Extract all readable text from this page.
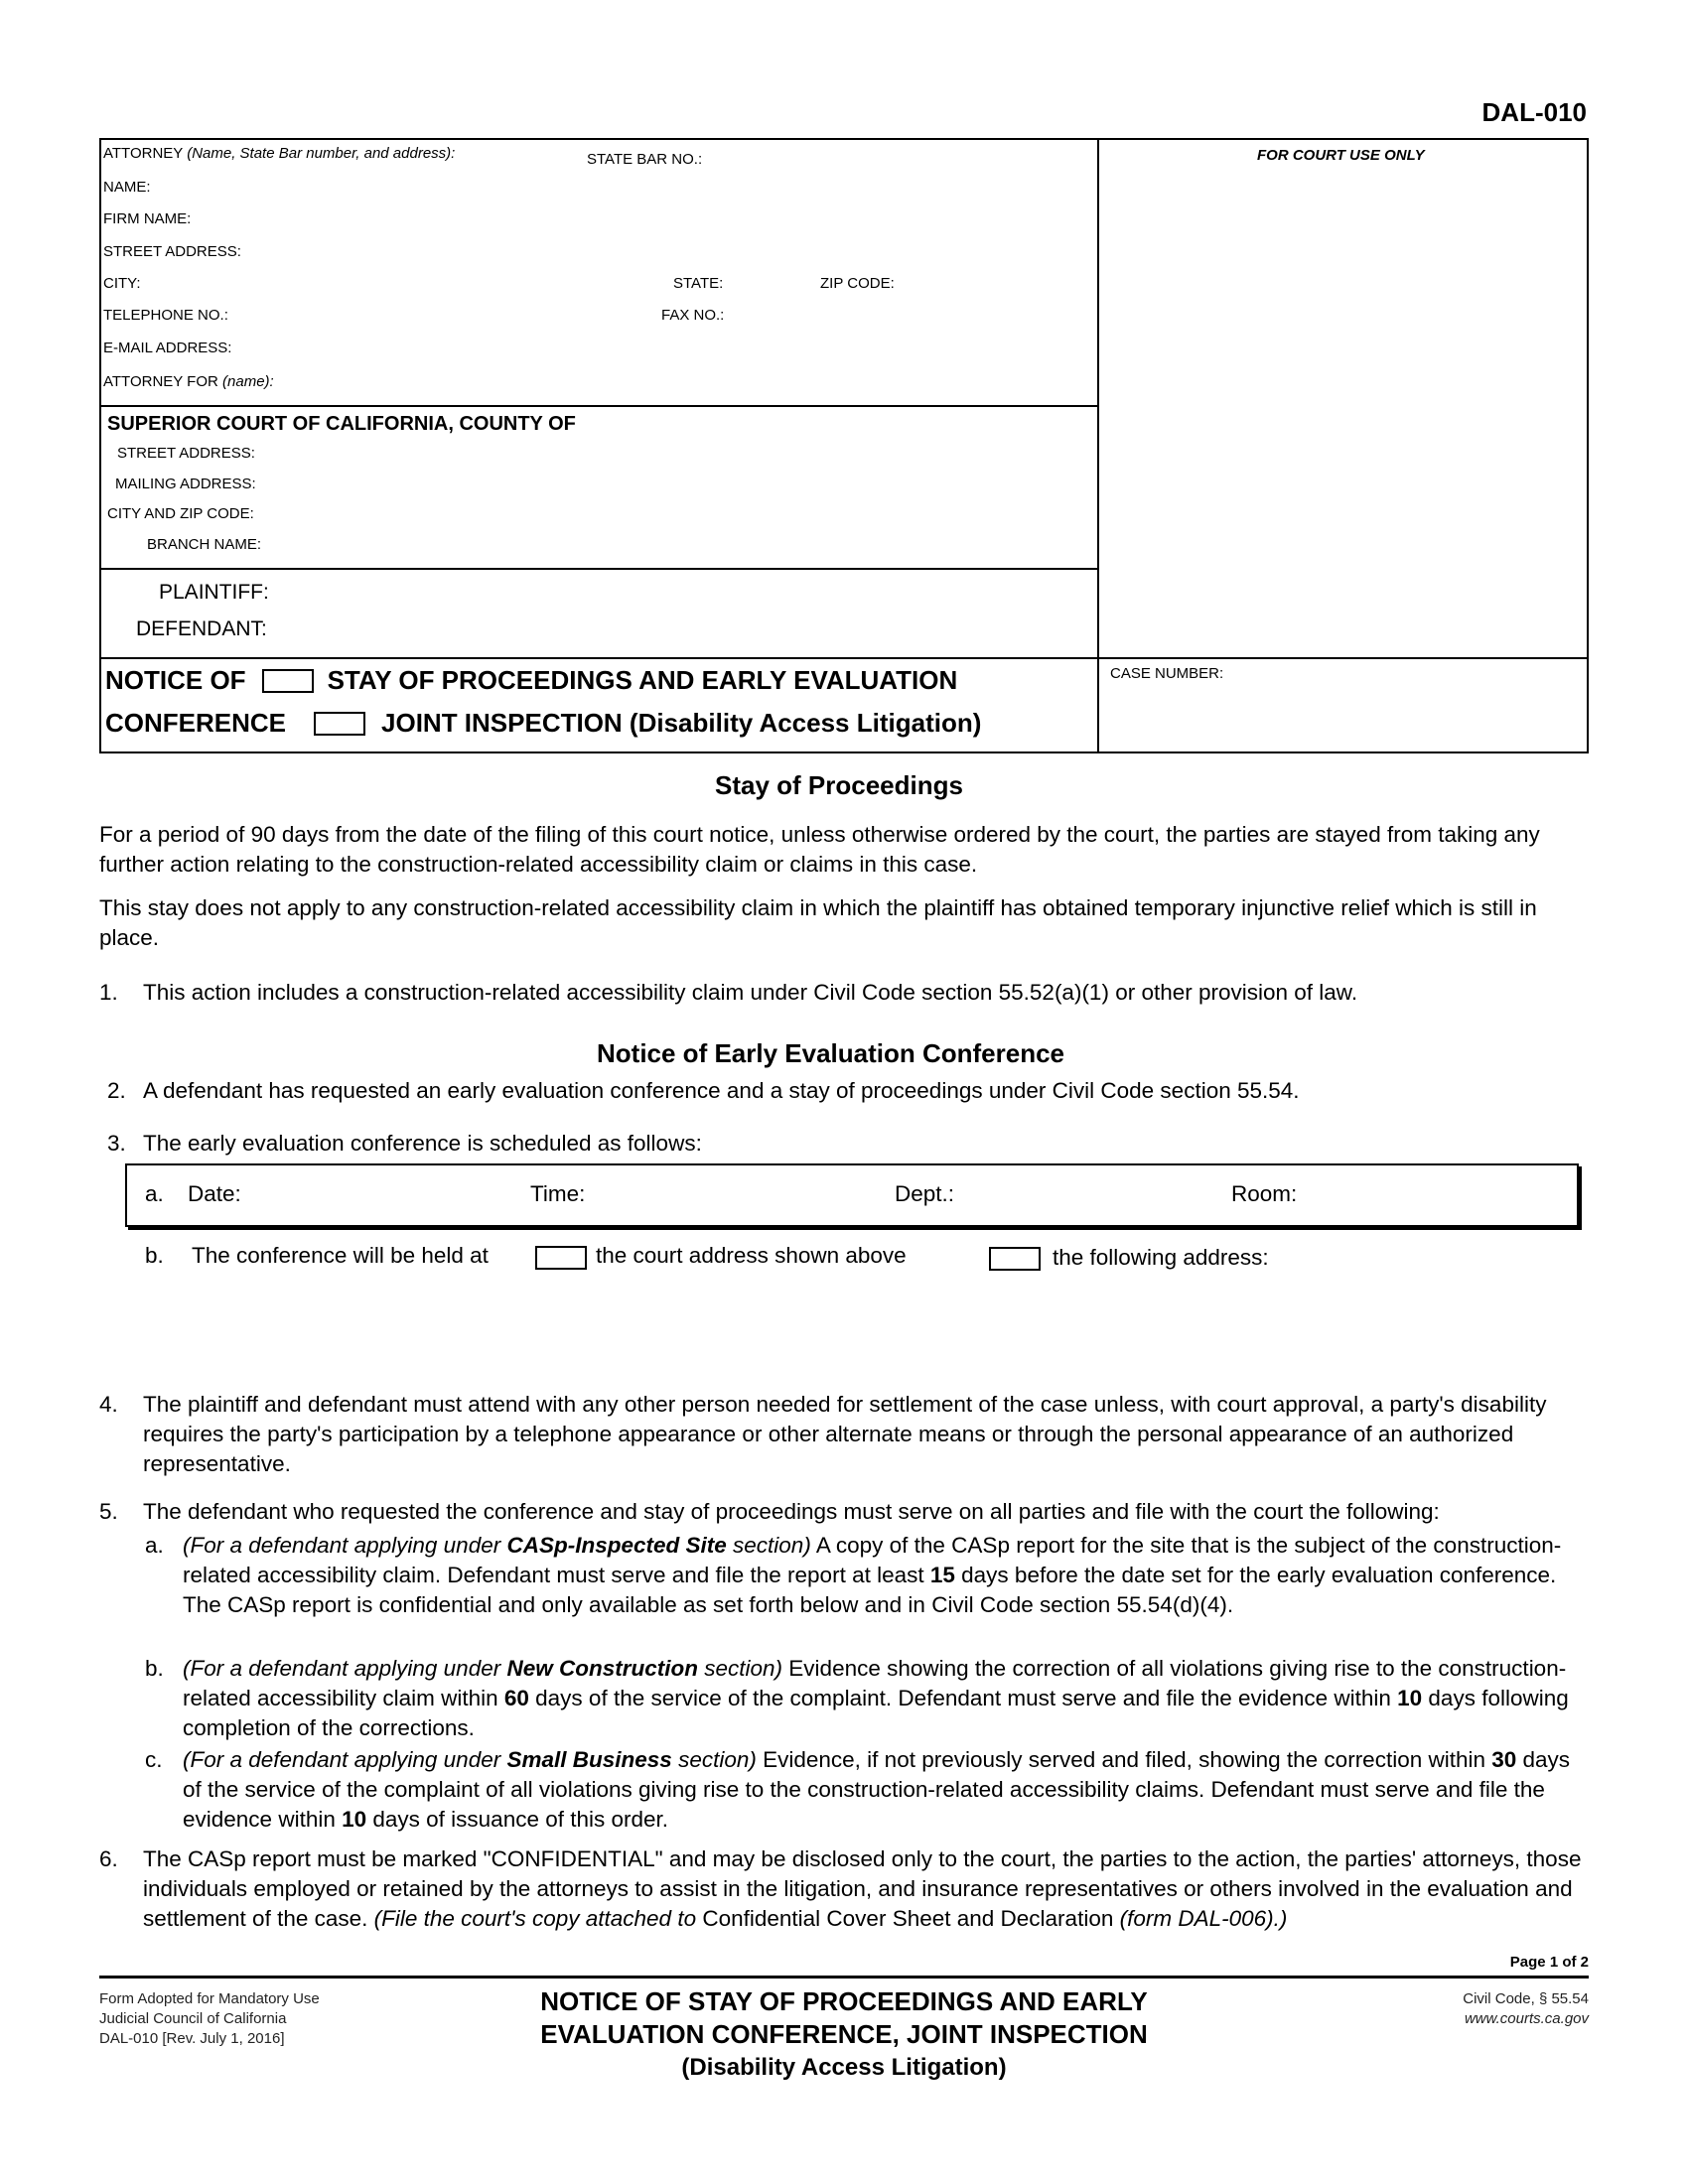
DAL-010
ATTORNEY (Name, State Bar number, and address):	STATE BAR NO.:
NAME:
FIRM NAME:
STREET ADDRESS:
CITY:	STATE:	ZIP CODE:
TELEPHONE NO.:	FAX NO.:
E-MAIL ADDRESS:
ATTORNEY FOR (name):
FOR COURT USE ONLY
SUPERIOR COURT OF CALIFORNIA, COUNTY OF
STREET ADDRESS:
MAILING ADDRESS:
CITY AND ZIP CODE:
BRANCH NAME:
PLAINTIFF:
DEFENDANT:
NOTICE OF	STAY OF PROCEEDINGS AND EARLY EVALUATION
CONFERENCE	JOINT INSPECTION (Disability Access Litigation)
CASE NUMBER:
Stay of Proceedings
For a period of 90 days from the date of the filing of this court notice, unless otherwise ordered by the court, the parties are stayed from taking any further action relating to the construction-related accessibility claim or claims in this case.
This stay does not apply to any construction-related accessibility claim in which the plaintiff has obtained temporary injunctive relief which is still in place.
1. This action includes a construction-related accessibility claim under Civil Code section 55.52(a)(1) or other provision of law.
Notice of Early Evaluation Conference
2. A defendant has requested an early evaluation conference and a stay of proceedings under Civil Code section 55.54.
3. The early evaluation conference is scheduled as follows:
a. Date:	Time:	Dept.:	Room:
b. The conference will be held at	the court address shown above	the following address:
4. The plaintiff and defendant must attend with any other person needed for settlement of the case unless, with court approval, a party's disability requires the party's participation by a telephone appearance or other alternate means or through the personal appearance of an authorized representative.
5. The defendant who requested the conference and stay of proceedings must serve on all parties and file with the court the following:
a. (For a defendant applying under CASp-Inspected Site section) A copy of the CASp report for the site that is the subject of the construction-related accessibility claim. Defendant must serve and file the report at least 15 days before the date set for the early evaluation conference. The CASp report is confidential and only available as set forth below and in Civil Code section 55.54(d)(4).
b. (For a defendant applying under New Construction section) Evidence showing the correction of all violations giving rise to the construction-related accessibility claim within 60 days of the service of the complaint. Defendant must serve and file the evidence within 10 days following completion of the corrections.
c. (For a defendant applying under Small Business section) Evidence, if not previously served and filed, showing the correction within 30 days of the service of the complaint of all violations giving rise to the construction-related accessibility claims. Defendant must serve and file the evidence within 10 days of issuance of this order.
6. The CASp report must be marked "CONFIDENTIAL" and may be disclosed only to the court, the parties to the action, the parties' attorneys, those individuals employed or retained by the attorneys to assist in the litigation, and insurance representatives or others involved in the evaluation and settlement of the case. (File the court's copy attached to Confidential Cover Sheet and Declaration (form DAL-006).)
Page 1 of 2
Form Adopted for Mandatory Use
Judicial Council of California
DAL-010 [Rev. July 1, 2016]
NOTICE OF STAY OF PROCEEDINGS AND EARLY
EVALUATION CONFERENCE, JOINT INSPECTION
(Disability Access Litigation)
Civil Code, § 55.54
www.courts.ca.gov
